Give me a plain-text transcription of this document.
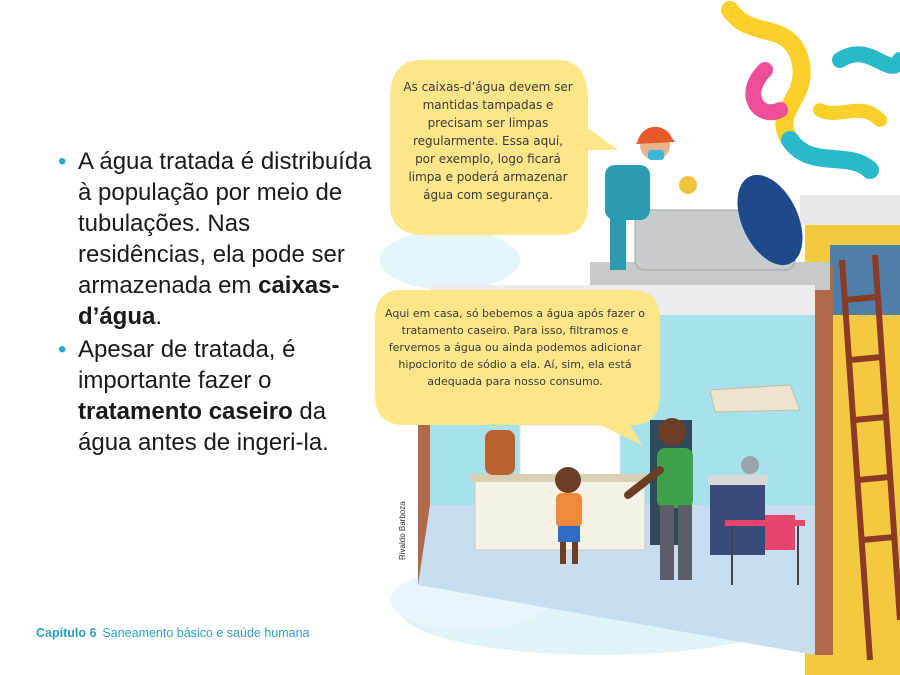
• A água tratada é distribuída à população por meio de tubulações. Nas residências, ela pode ser armazenada em caixas-d’água.
• Apesar de tratada, é importante fazer o tratamento caseiro da água antes de ingeri-la.
As caixas-d’água devem ser mantidas tampadas e precisam ser limpas regularmente. Essa aqui, por exemplo, logo ficará limpa e poderá armazenar água com segurança.
Aqui em casa, só bebemos a água após fazer o tratamento caseiro. Para isso, filtramos e fervemos a água ou ainda podemos adicionar hipoclorito de sódio a ela. Aí, sim, ela está adequada para nosso consumo.
Rivaldo Barboza
Capítulo 6 Saneamento básico e saúde humana
